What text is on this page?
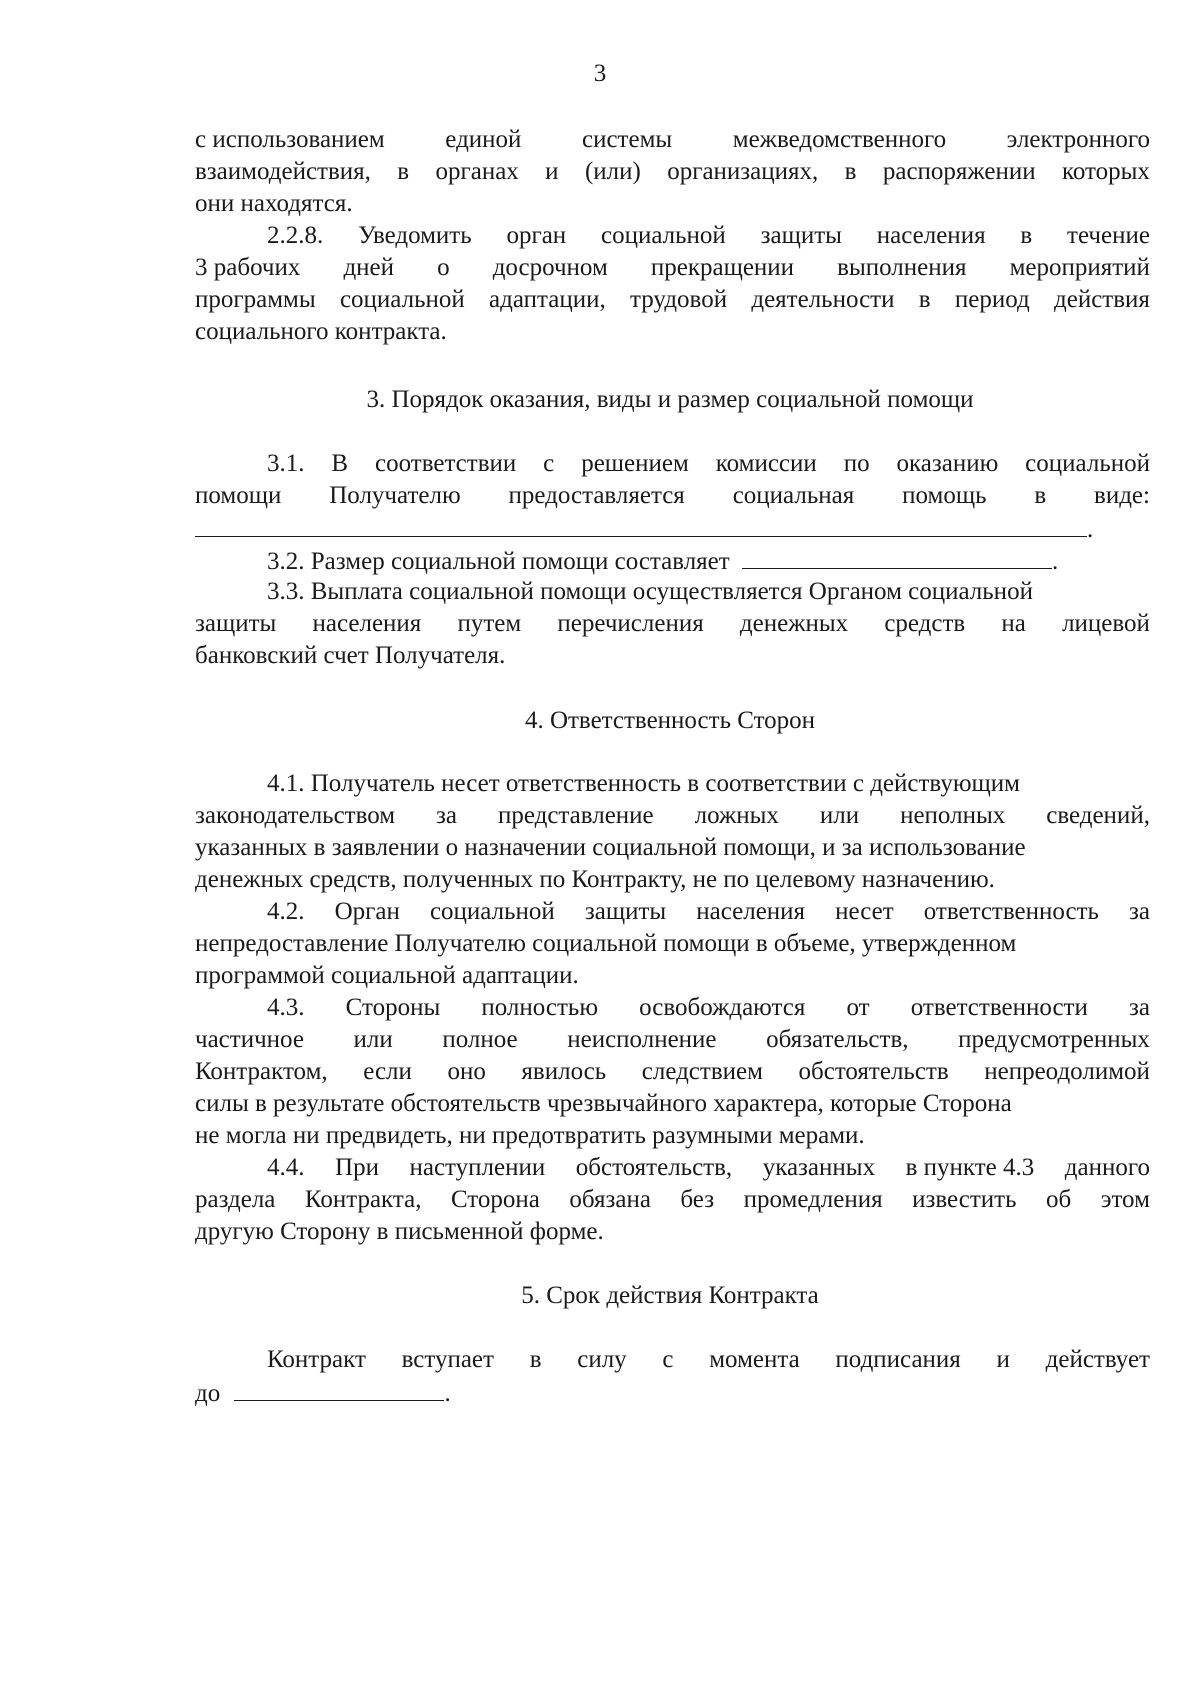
3
с использованием единой системы межведомственного электронного
взаимодействия, в органах и (или) организациях, в распоряжении которых
они находятся.
2.2.8. Уведомить орган социальной защиты населения в течение
3 рабочих дней о досрочном прекращении выполнения мероприятий
программы социальной адаптации, трудовой деятельности в период действия
социального контракта.
3. Порядок оказания, виды и размер социальной помощи
3.1. В соответствии с решением комиссии по оказанию социальной
помощи Получателю предоставляется социальная помощь в виде:
.
3.2. Размер социальной помощи составляет	.
3.3. Выплата социальной помощи осуществляется Органом социальной
защиты населения путем перечисления денежных средств на лицевой
банковский счет Получателя.
4. Ответственность Сторон
4.1. Получатель несет ответственность в соответствии с действующим
законодательством за представление ложных или неполных сведений,
указанных в заявлении о назначении социальной помощи, и за использование
денежных средств, полученных по Контракту, не по целевому назначению.
4.2. Орган социальной защиты населения несет ответственность за
непредоставление Получателю социальной помощи в объеме, утвержденном
программой социальной адаптации.
4.3. Стороны полностью освобождаются от ответственности за
частичное или полное неисполнение обязательств, предусмотренных
Контрактом, если оно явилось следствием обстоятельств непреодолимой
силы в результате обстоятельств чрезвычайного характера, которые Сторона
не могла ни предвидеть, ни предотвратить разумными мерами.
4.4. При наступлении обстоятельств, указанных в пункте 4.3 данного
раздела Контракта, Сторона обязана без промедления известить об этом
другую Сторону в письменной форме.
5. Срок действия Контракта
Контракт вступает в силу с момента подписания и действует
до	.
